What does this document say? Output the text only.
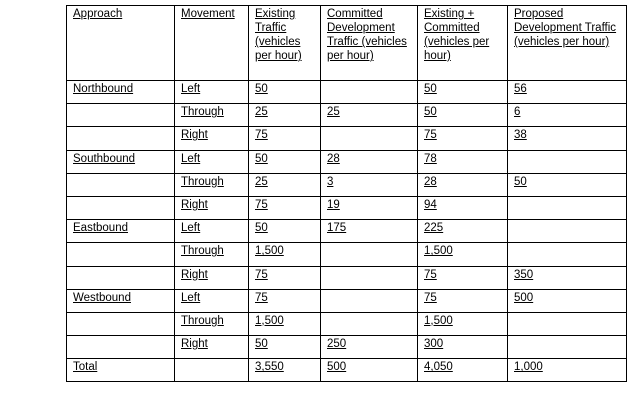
Approach	Movement	Existing Traffic (vehicles per hour)	Committed Development Traffic (vehicles per hour)	Existing + Committed (vehicles per hour)	Proposed Development Traffic (vehicles per hour)
Northbound	Left	50		50	56
	Through	25	25	50	6
	Right	75		75	38
Southbound	Left	50	28	78	
	Through	25	3	28	50
	Right	75	19	94	
Eastbound	Left	50	175	225	
	Through	1,500		1,500	
	Right	75		75	350
Westbound	Left	75		75	500
	Through	1,500		1,500	
	Right	50	250	300	
Total		3,550	500	4,050	1,000
